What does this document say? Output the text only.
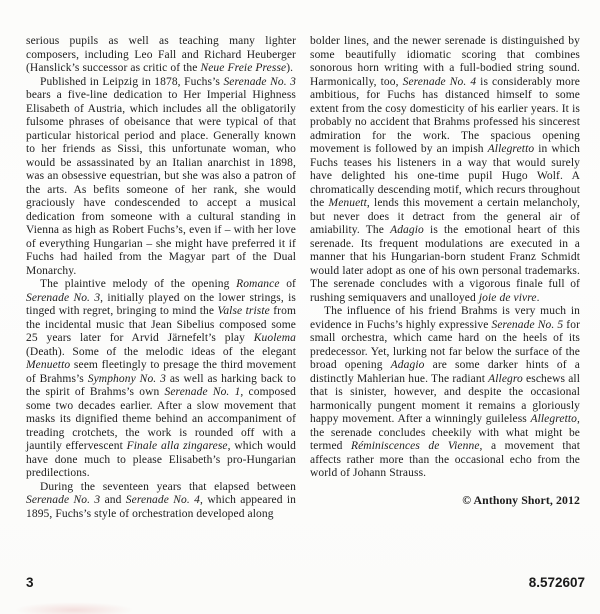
serious pupils as well as teaching many lighter composers, including Leo Fall and Richard Heuberger (Hanslick’s successor as critic of the Neue Freie Presse).

Published in Leipzig in 1878, Fuchs’s Serenade No. 3 bears a five-line dedication to Her Imperial Highness Elisabeth of Austria, which includes all the obligatorily fulsome phrases of obeisance that were typical of that particular historical period and place. Generally known to her friends as Sissi, this unfortunate woman, who would be assassinated by an Italian anarchist in 1898, was an obsessive equestrian, but she was also a patron of the arts. As befits someone of her rank, she would graciously have condescended to accept a musical dedication from someone with a cultural standing in Vienna as high as Robert Fuchs’s, even if – with her love of everything Hungarian – she might have preferred it if Fuchs had hailed from the Magyar part of the Dual Monarchy.

The plaintive melody of the opening Romance of Serenade No. 3, initially played on the lower strings, is tinged with regret, bringing to mind the Valse triste from the incidental music that Jean Sibelius composed some 25 years later for Arvid Järnefelt’s play Kuolema (Death). Some of the melodic ideas of the elegant Menuetto seem fleetingly to presage the third movement of Brahms’s Symphony No. 3 as well as harking back to the spirit of Brahms’s own Serenade No. 1, composed some two decades earlier. After a slow movement that masks its dignified theme behind an accompaniment of treading crotchets, the work is rounded off with a jauntily effervescent Finale alla zingarese, which would have done much to please Elisabeth’s pro-Hungarian predilections.

During the seventeen years that elapsed between Serenade No. 3 and Serenade No. 4, which appeared in 1895, Fuchs’s style of orchestration developed along

bolder lines, and the newer serenade is distinguished by some beautifully idiomatic scoring that combines sonorous horn writing with a full-bodied string sound. Harmonically, too, Serenade No. 4 is considerably more ambitious, for Fuchs has distanced himself to some extent from the cosy domesticity of his earlier years. It is probably no accident that Brahms professed his sincerest admiration for the work. The spacious opening movement is followed by an impish Allegretto in which Fuchs teases his listeners in a way that would surely have delighted his one-time pupil Hugo Wolf. A chromatically descending motif, which recurs throughout the Menuett, lends this movement a certain melancholy, but never does it detract from the general air of amiability. The Adagio is the emotional heart of this serenade. Its frequent modulations are executed in a manner that his Hungarian-born student Franz Schmidt would later adopt as one of his own personal trademarks. The serenade concludes with a vigorous finale full of rushing semiquavers and unalloyed joie de vivre.

The influence of his friend Brahms is very much in evidence in Fuchs’s highly expressive Serenade No. 5 for small orchestra, which came hard on the heels of its predecessor. Yet, lurking not far below the surface of the broad opening Adagio are some darker hints of a distinctly Mahlerian hue. The radiant Allegro eschews all that is sinister, however, and despite the occasional harmonically pungent moment it remains a gloriously happy movement. After a winningly guileless Allegretto, the serenade concludes cheekily with what might be termed Réminiscences de Vienne, a movement that affects rather more than the occasional echo from the world of Johann Strauss.

© Anthony Short, 2012
3	8.572607
